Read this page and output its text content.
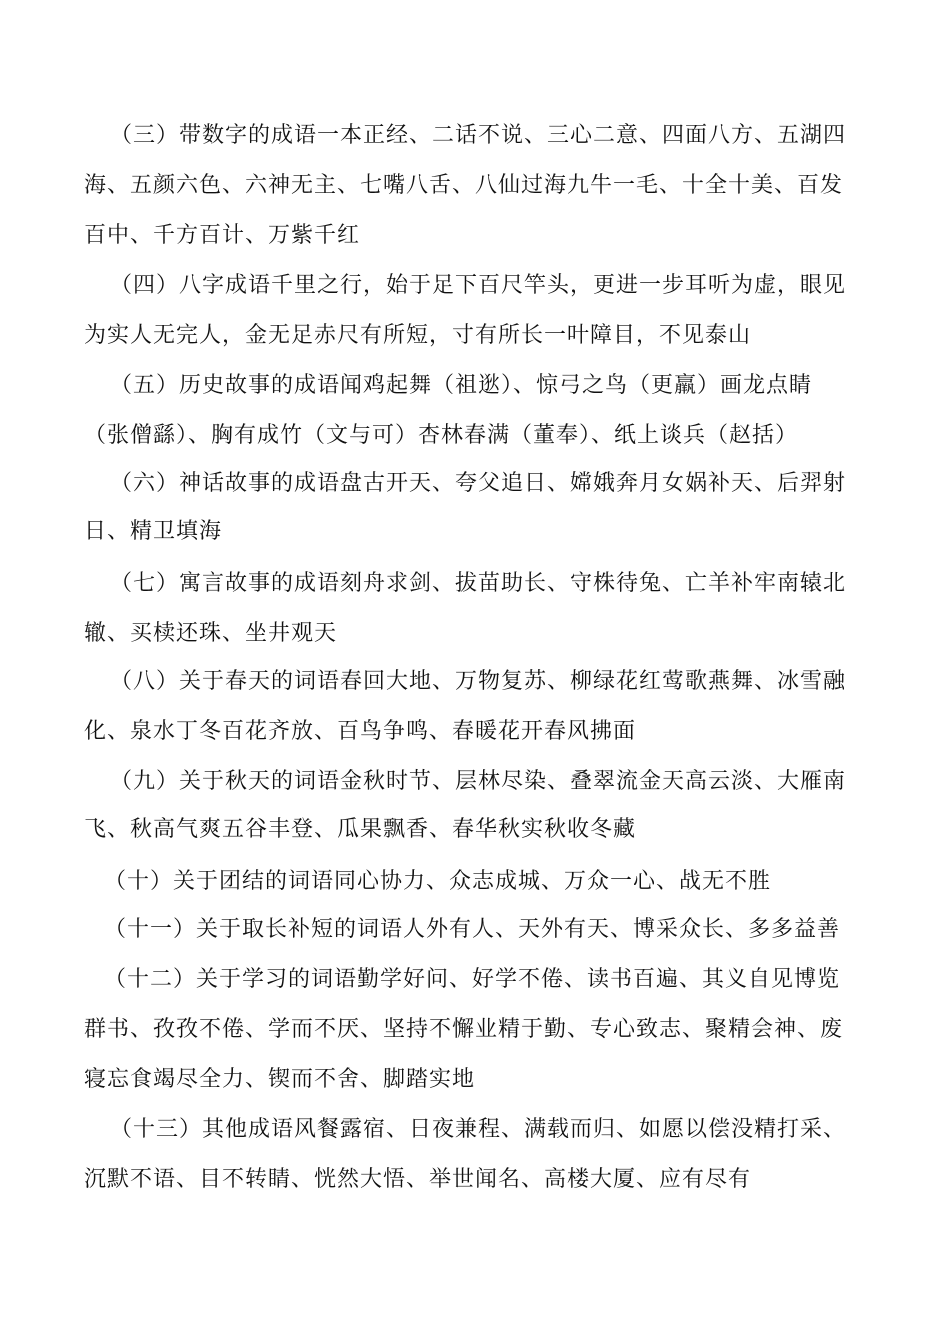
（三）带数字的成语一本正经、二话不说、三心二意、四面八方、五湖四
海、五颜六色、六神无主、七嘴八舌、八仙过海九牛一毛、十全十美、百发
百中、千方百计、万紫千红
（四）八字成语千里之行，始于足下百尺竿头，更进一步耳听为虚，眼见
为实人无完人，金无足赤尺有所短，寸有所长一叶障目，不见泰山
（五）历史故事的成语闻鸡起舞（祖逖）、惊弓之鸟（更羸）画龙点睛
（张僧繇）、胸有成竹（文与可）杏林春满（董奉）、纸上谈兵（赵括）
（六）神话故事的成语盘古开天、夸父追日、嫦娥奔月女娲补天、后羿射
日、精卫填海
（七）寓言故事的成语刻舟求剑、拔苗助长、守株待兔、亡羊补牢南辕北
辙、买椟还珠、坐井观天
（八）关于春天的词语春回大地、万物复苏、柳绿花红莺歌燕舞、冰雪融
化、泉水丁冬百花齐放、百鸟争鸣、春暖花开春风拂面
（九）关于秋天的词语金秋时节、层林尽染、叠翠流金天高云淡、大雁南
飞、秋高气爽五谷丰登、瓜果飘香、春华秋实秋收冬藏
（十）关于团结的词语同心协力、众志成城、万众一心、战无不胜
（十一）关于取长补短的词语人外有人、天外有天、博采众长、多多益善
（十二）关于学习的词语勤学好问、好学不倦、读书百遍、其义自见博览
群书、孜孜不倦、学而不厌、坚持不懈业精于勤、专心致志、聚精会神、废
寝忘食竭尽全力、锲而不舍、脚踏实地
（十三）其他成语风餐露宿、日夜兼程、满载而归、如愿以偿没精打采、
沉默不语、目不转睛、恍然大悟、举世闻名、高楼大厦、应有尽有
